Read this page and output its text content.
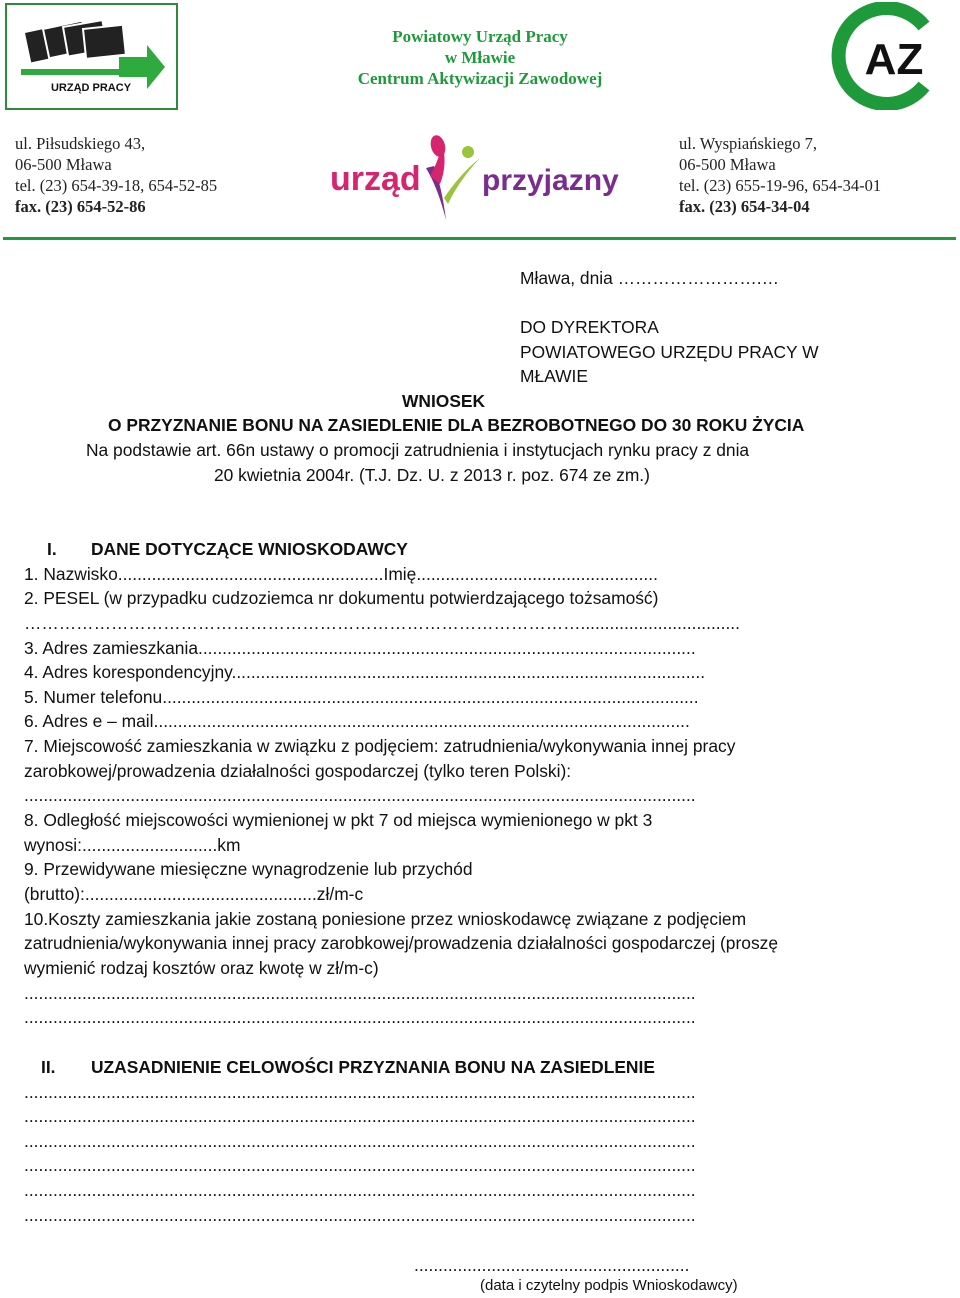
URZĄD PRACY
Powiatowy Urząd Pracy
w Mławie
Centrum Aktywizacji Zawodowej	AZ
ul. Piłsudskiego 43,
06-500 Mława
tel. (23) 654-39-18, 654-52-85
fax. (23) 654-52-86
urząd przyjazny
ul. Wyspiańskiego 7,
06-500 Mława
tel. (23) 655-19-96, 654-34-01
fax. (23) 654-34-04
Mława, dnia …………………….…
DO DYREKTORA
POWIATOWEGO URZĘDU PRACY W
MŁAWIE
WNIOSEK
O PRZYZNANIE BONU NA ZASIEDLENIE DLA BEZROBOTNEGO DO 30 ROKU ŻYCIA
Na podstawie art. 66n ustawy o promocji zatrudnienia i instytucjach rynku pracy z dnia
20 kwietnia 2004r. (T.J. Dz. U. z 2013 r. poz. 674 ze zm.)
I. DANE DOTYCZĄCE WNIOSKODAWCY
1. Nazwisko.......................................................Imię..................................................
2. PESEL (w przypadku cudzoziemca nr dokumentu potwierdzającego tożsamość)
…………………………………………………………………………………….................................
3. Adres zamieszkania.......................................................................................................
4. Adres korespondencyjny..................................................................................................
5. Numer telefonu...............................................................................................................
6. Adres e – mail...............................................................................................................
7. Miejscowość zamieszkania w związku z podjęciem: zatrudnienia/wykonywania innej pracy
zarobkowej/prowadzenia działalności gospodarczej (tylko teren Polski):
...........................................................................................................................................
8. Odległość miejscowości wymienionej w pkt 7 od miejsca wymienionego w pkt 3
wynosi:............................km
9. Przewidywane miesięczne wynagrodzenie lub przychód
(brutto):................................................zł/m-c
10.Koszty zamieszkania jakie zostaną poniesione przez wnioskodawcę związane z podjęciem
zatrudnienia/wykonywania innej pracy zarobkowej/prowadzenia działalności gospodarczej (proszę
wymienić rodzaj kosztów oraz kwotę w zł/m-c)
...........................................................................................................................................
...........................................................................................................................................
II. UZASADNIENIE CELOWOŚCI PRZYZNANIA BONU NA ZASIEDLENIE
...........................................................................................................................................
...........................................................................................................................................
...........................................................................................................................................
...........................................................................................................................................
...........................................................................................................................................
...........................................................................................................................................
.........................................................
(data i czytelny podpis Wnioskodawcy)
